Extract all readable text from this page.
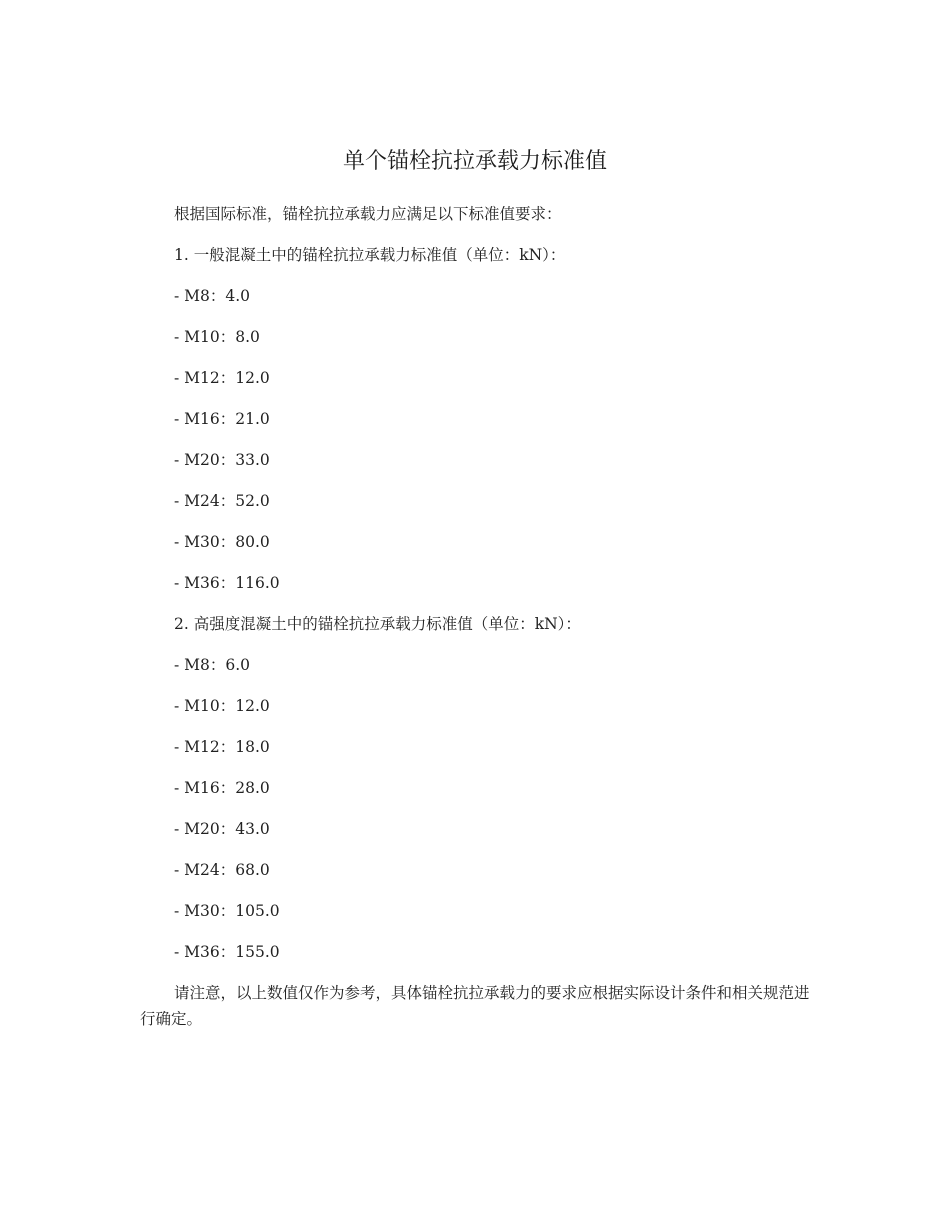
单个锚栓抗拉承载力标准值
根据国际标准，锚栓抗拉承载力应满足以下标准值要求：
1. 一般混凝土中的锚栓抗拉承载力标准值（单位：kN）：
- M8：4.0
- M10：8.0
- M12：12.0
- M16：21.0
- M20：33.0
- M24：52.0
- M30：80.0
- M36：116.0
2. 高强度混凝土中的锚栓抗拉承载力标准值（单位：kN）：
- M8：6.0
- M10：12.0
- M12：18.0
- M16：28.0
- M20：43.0
- M24：68.0
- M30：105.0
- M36：155.0
请注意，以上数值仅作为参考，具体锚栓抗拉承载力的要求应根据实际设计条件和相关规范进行确定。
